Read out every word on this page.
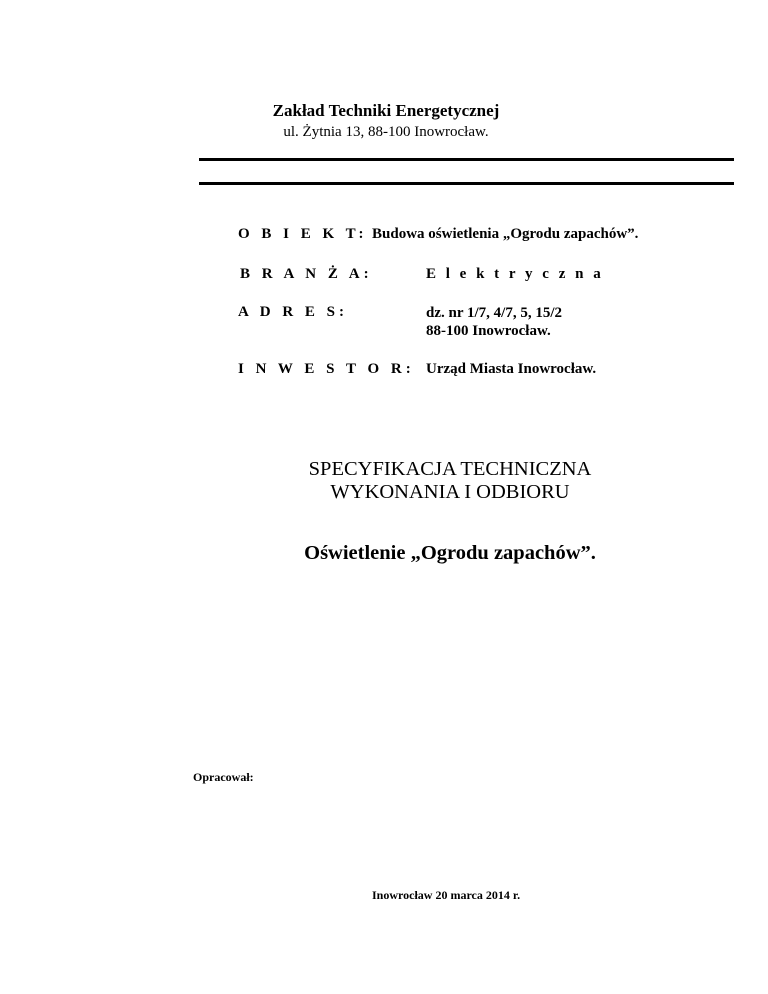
Zakład Techniki Energetycznej
ul. Żytnia 13, 88-100 Inowrocław.
O B I E K T: Budowa oświetlenia „Ogrodu zapachów”.
B R A N Ż A:	E l e k t r y c z n a
A D R E S:	dz. nr 1/7, 4/7, 5, 15/2
88-100 Inowrocław.
I N W E S T O R: Urząd Miasta Inowrocław.
SPECYFIKACJA TECHNICZNA
WYKONANIA I ODBIORU
Oświetlenie „Ogrodu zapachów”.
Opracował:
Inowrocław 20 marca 2014 r.
